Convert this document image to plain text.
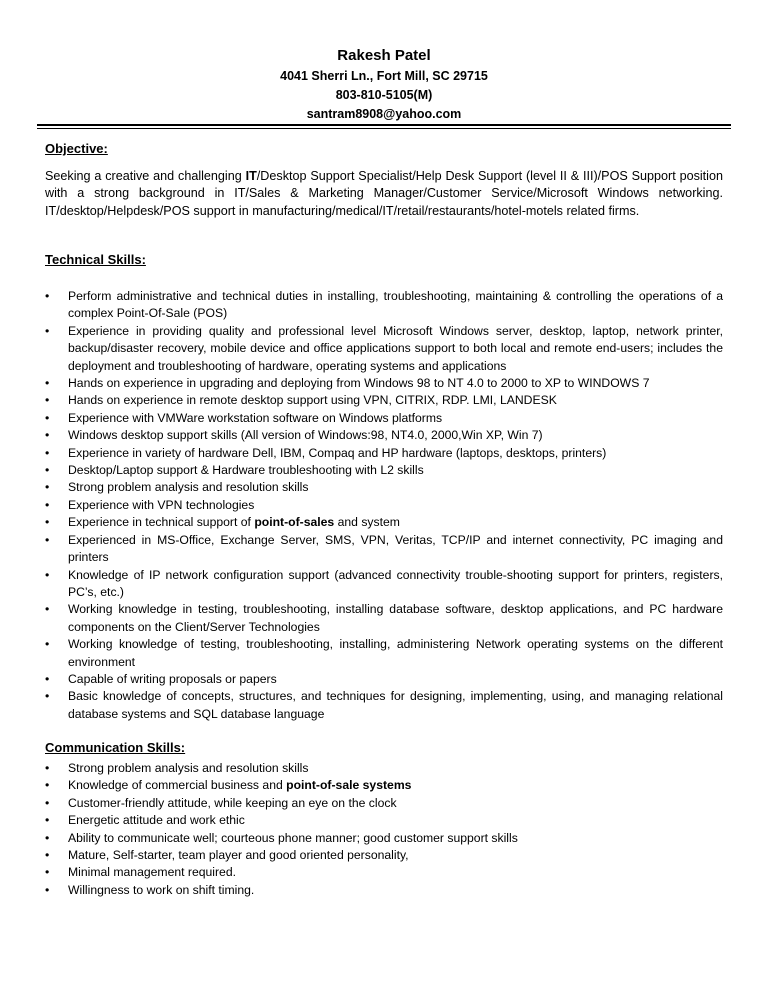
Rakesh Patel
4041 Sherri Ln., Fort Mill, SC 29715
803-810-5105(M)
santram8908@yahoo.com
Objective:
Seeking a creative and challenging IT/Desktop Support Specialist/Help Desk Support (level II & III)/POS Support position with a strong background in IT/Sales & Marketing Manager/Customer Service/Microsoft Windows networking. IT/desktop/Helpdesk/POS support in manufacturing/medical/IT/retail/restaurants/hotel-motels related firms.
Technical Skills:
• Perform administrative and technical duties in installing, troubleshooting, maintaining & controlling the operations of a complex Point-Of-Sale (POS)
• Experience in providing quality and professional level Microsoft Windows server, desktop, laptop, network printer, backup/disaster recovery, mobile device and office applications support to both local and remote end-users; includes the deployment and troubleshooting of hardware, operating systems and applications
• Hands on experience in upgrading and deploying from Windows 98 to NT 4.0 to 2000 to XP to WINDOWS 7
• Hands on experience in remote desktop support using VPN, CITRIX, RDP. LMI, LANDESK
• Experience with VMWare workstation software on Windows platforms
• Windows desktop support skills (All version of Windows:98, NT4.0, 2000,Win XP, Win 7)
• Experience in variety of hardware Dell, IBM, Compaq and HP hardware (laptops, desktops, printers)
• Desktop/Laptop support & Hardware troubleshooting with L2 skills
• Strong problem analysis and resolution skills
• Experience with VPN technologies
• Experience in technical support of point-of-sales and system
• Experienced in MS-Office, Exchange Server, SMS, VPN, Veritas, TCP/IP and internet connectivity, PC imaging and printers
• Knowledge of IP network configuration support (advanced connectivity trouble-shooting support for printers, registers, PC’s, etc.)
• Working knowledge in testing, troubleshooting, installing database software, desktop applications, and PC hardware components on the Client/Server Technologies
• Working knowledge of testing, troubleshooting, installing, administering Network operating systems on the different environment
• Capable of writing proposals or papers
• Basic knowledge of concepts, structures, and techniques for designing, implementing, using, and managing relational database systems and SQL database language
Communication Skills:
• Strong problem analysis and resolution skills
• Knowledge of commercial business and point-of-sale systems
• Customer-friendly attitude, while keeping an eye on the clock
• Energetic attitude and work ethic
• Ability to communicate well; courteous phone manner; good customer support skills
• Mature, Self-starter, team player and good oriented personality,
• Minimal management required.
• Willingness to work on shift timing.
